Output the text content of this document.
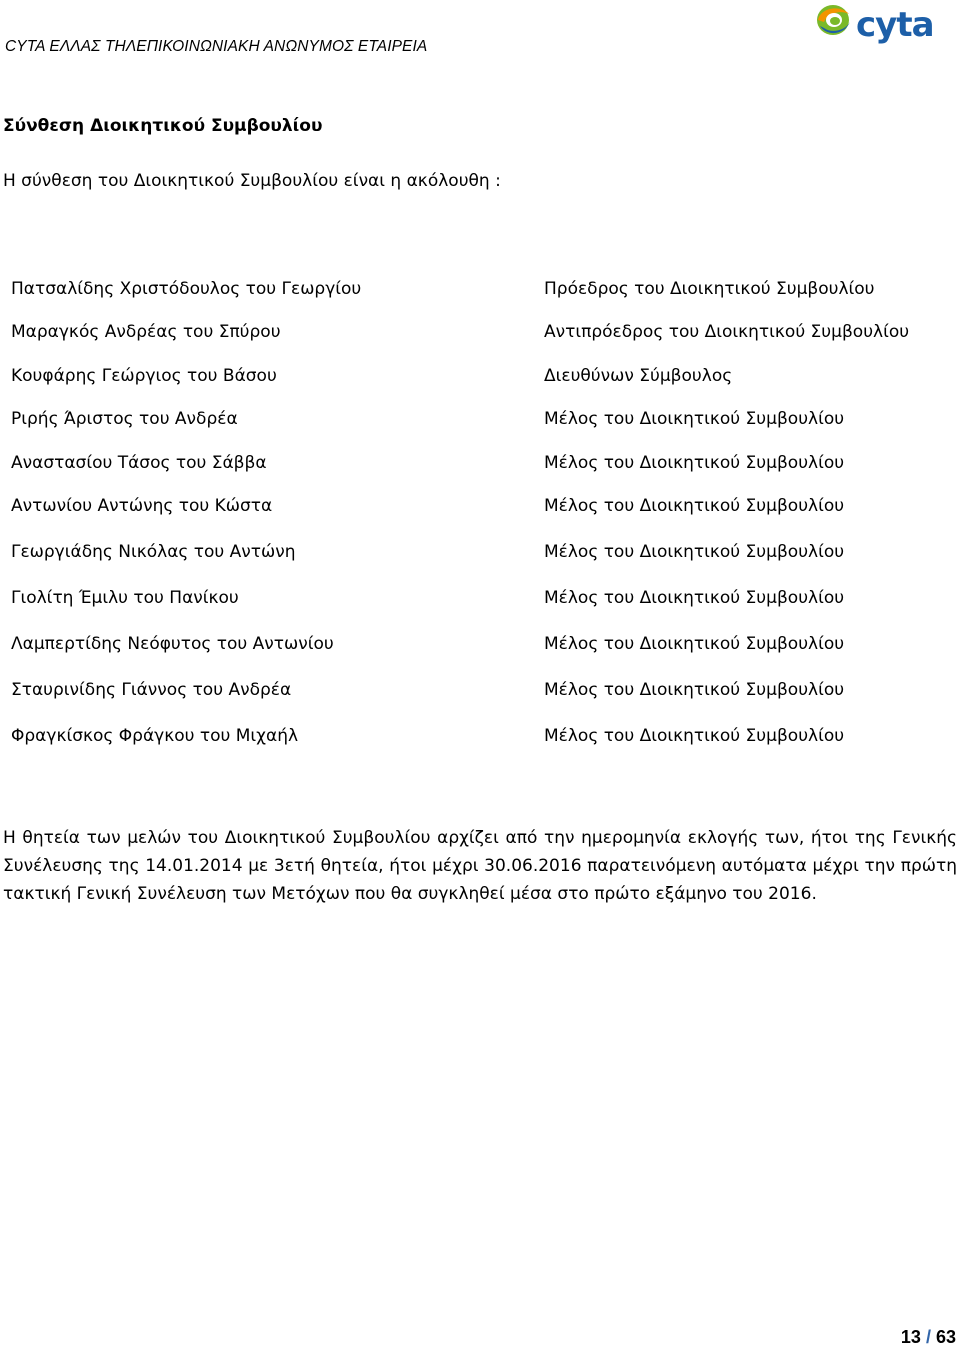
CYTA ΕΛΛΑΣ ΤΗΛΕΠΙΚΟΙΝΩΝΙΑΚΗ ΑΝΩΝΥΜΟΣ ΕΤΑΙΡΕΙΑ
cyta
Σύνθεση Διοικητικού Συμβουλίου
Η σύνθεση του Διοικητικού Συμβουλίου είναι η ακόλουθη :
Πατσαλίδης Χριστόδουλος του Γεωργίου	Πρόεδρος του Διοικητικού Συμβουλίου
Μαραγκός Ανδρέας του Σπύρου	Αντιπρόεδρος του Διοικητικού Συμβουλίου
Κουφάρης Γεώργιος του Βάσου	Διευθύνων Σύμβουλος
Ριρής Άριστος του Ανδρέα	Μέλος του Διοικητικού Συμβουλίου
Αναστασίου Τάσος του Σάββα	Μέλος του Διοικητικού Συμβουλίου
Αντωνίου Αντώνης του Κώστα	Μέλος του Διοικητικού Συμβουλίου
Γεωργιάδης Νικόλας του Αντώνη	Μέλος του Διοικητικού Συμβουλίου
Γιολίτη Έμιλυ του Πανίκου	Μέλος του Διοικητικού Συμβουλίου
Λαμπερτίδης Νεόφυτος του Αντωνίου	Μέλος του Διοικητικού Συμβουλίου
Σταυρινίδης Γιάννος του Ανδρέα	Μέλος του Διοικητικού Συμβουλίου
Φραγκίσκος Φράγκου του Μιχαήλ	Μέλος του Διοικητικού Συμβουλίου
Η θητεία των μελών του Διοικητικού Συμβουλίου αρχίζει από την ημερομηνία εκλογής των, ήτοι της Γενικής Συνέλευσης της 14.01.2014 με 3ετή θητεία, ήτοι μέχρι 30.06.2016 παρατεινόμενη αυτόματα μέχρι την πρώτη τακτική Γενική Συνέλευση των Μετόχων που θα συγκληθεί μέσα στο πρώτο εξάμηνο του 2016.
13 / 63
